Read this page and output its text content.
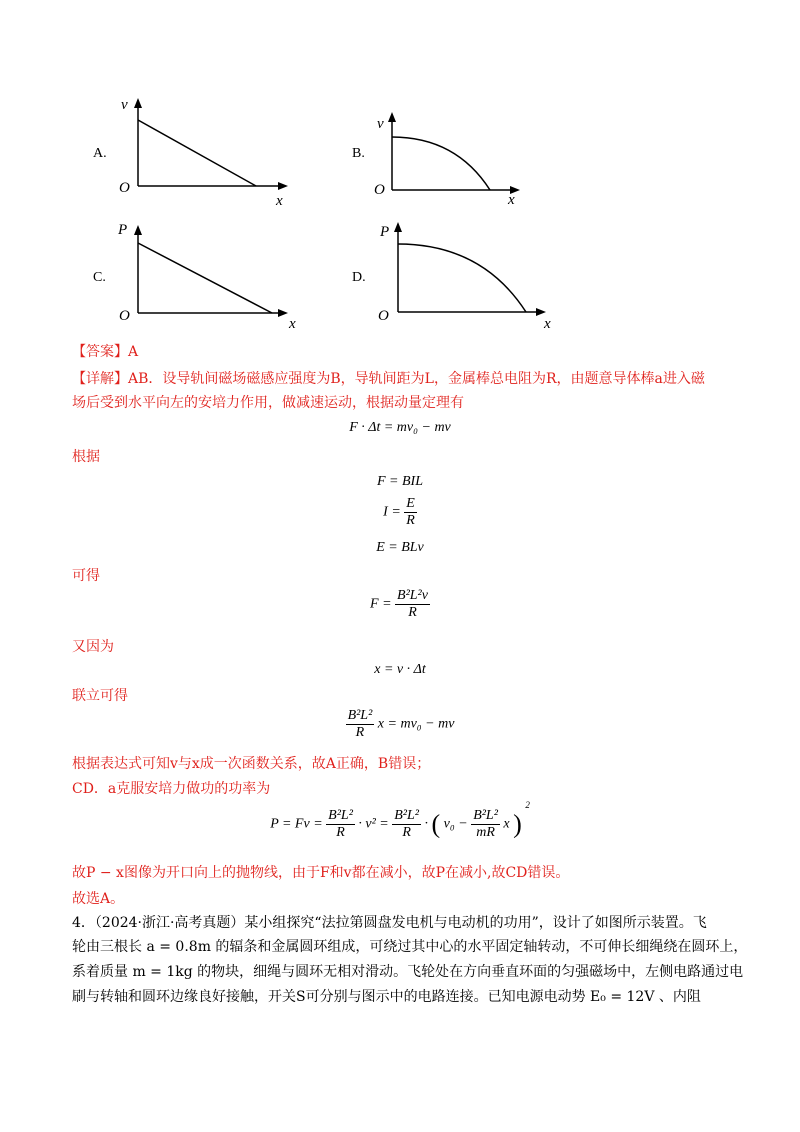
A.
v
O
x
B.
v
O
x
C.
P
O	x
D.
P
O	x
【答案】A
【详解】AB．设导轨间磁场磁感应强度为B，导轨间距为L，金属棒总电阻为R，由题意导体棒a进入磁
场后受到水平向左的安培力作用，做减速运动，根据动量定理有
F · Δt = mv₀ − mv
根据
F = BIL
$I = \frac{E}{R}$
E = BLv
可得
$F = \frac{\text{B²L²v}}{R}$
又因为
x = v · Δt
联立可得
$\frac{\text{B²L²}}{R}$ x = mv₀ − mv
根据表达式可知v与x成一次函数关系，故A正确，B错误；
CD．a克服安培力做功的功率为
$P = Fv = \frac{\text{B²L²}}{R} \cdot v^2 = \frac{\text{B²L²}}{R}$ · ( $v_0 - \frac{\text{B²L²}}{mR}$ x ) $^2$
故P − x图像为开口向上的抛物线，由于F和v都在减小，故P在减小,故CD错误。
故选A。
4．（2024·浙江·高考真题）某小组探究“法拉第圆盘发电机与电动机的功用”，设计了如图所示装置。飞
轮由三根长 a = 0.8m 的辐条和金属圆环组成，可绕过其中心的水平固定轴转动，不可伸长细绳绕在圆环上，
系着质量 m = 1kg 的物块，细绳与圆环无相对滑动。飞轮处在方向垂直环面的匀强磁场中，左侧电路通过电
刷与转轴和圆环边缘良好接触，开关S可分别与图示中的电路连接。已知电源电动势 E₀ = 12V 、内阻
